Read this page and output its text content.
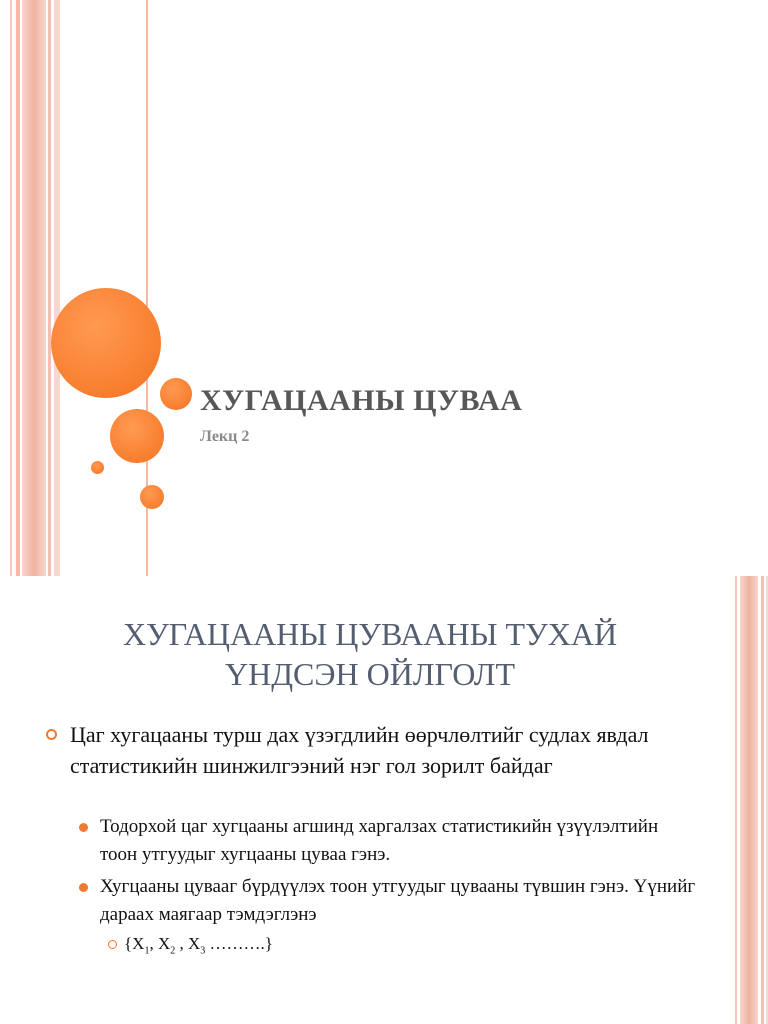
ХУГАЦААНЫ ЦУВАА
Лекц 2
ХУГАЦААНЫ ЦУВААНЫ ТУХАЙ
ҮНДСЭН ОЙЛГОЛТ
Цаг хугацааны турш дах үзэгдлийн өөрчлөлтийг судлах явдал статистикийн шинжилгээний нэг гол зорилт байдаг
Тодорхой цаг хугцааны агшинд харгалзах статистикийн үзүүлэлтийн тоон утгуудыг хугцааны цуваа гэнэ.
Хугцааны цувааг бүрдүүлэх тоон утгуудыг цувааны түвшин гэнэ. Үүнийг дараах маягаар тэмдэглэнэ
{$X_1$, $X_2$ , $X_3$ ……….}
